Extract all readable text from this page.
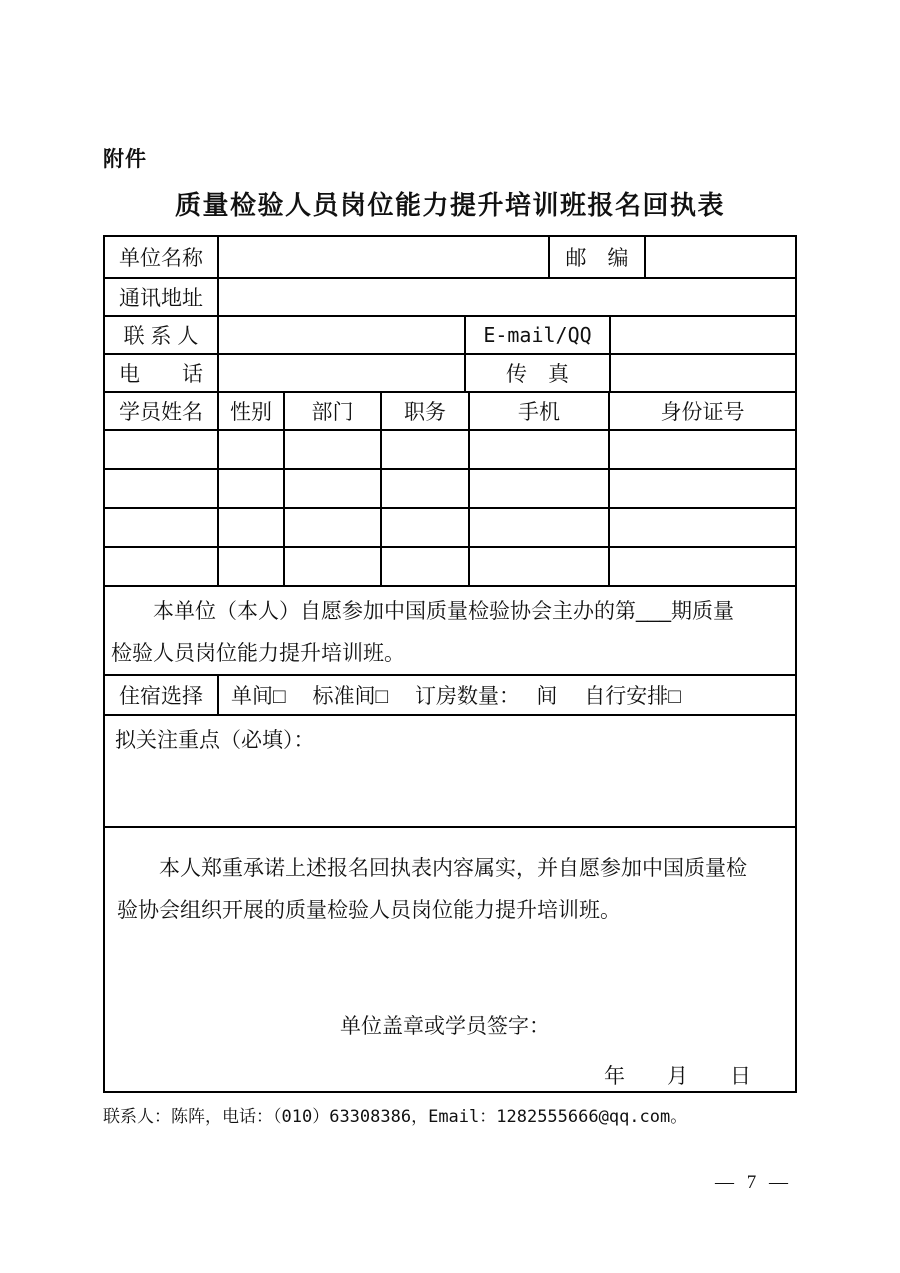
附件
质量检验人员岗位能力提升培训班报名回执表
单位名称	邮　编
通讯地址
联 系 人	E-mail/QQ
电　　话	传　真
学员姓名	性别	部门	职务	手机	身份证号
本单位（本人）自愿参加中国质量检验协会主办的第___期质量
检验人员岗位能力提升培训班。
住宿选择	单间□　 标准间□　 订房数量：　 间　 自行安排□
拟关注重点（必填）：
本人郑重承诺上述报名回执表内容属实，并自愿参加中国质量检
验协会组织开展的质量检验人员岗位能力提升培训班。
单位盖章或学员签字：
年　　月　　日
联系人：陈阵，电话：（010）63308386，Email：1282555666@qq.com。
— 7 —
